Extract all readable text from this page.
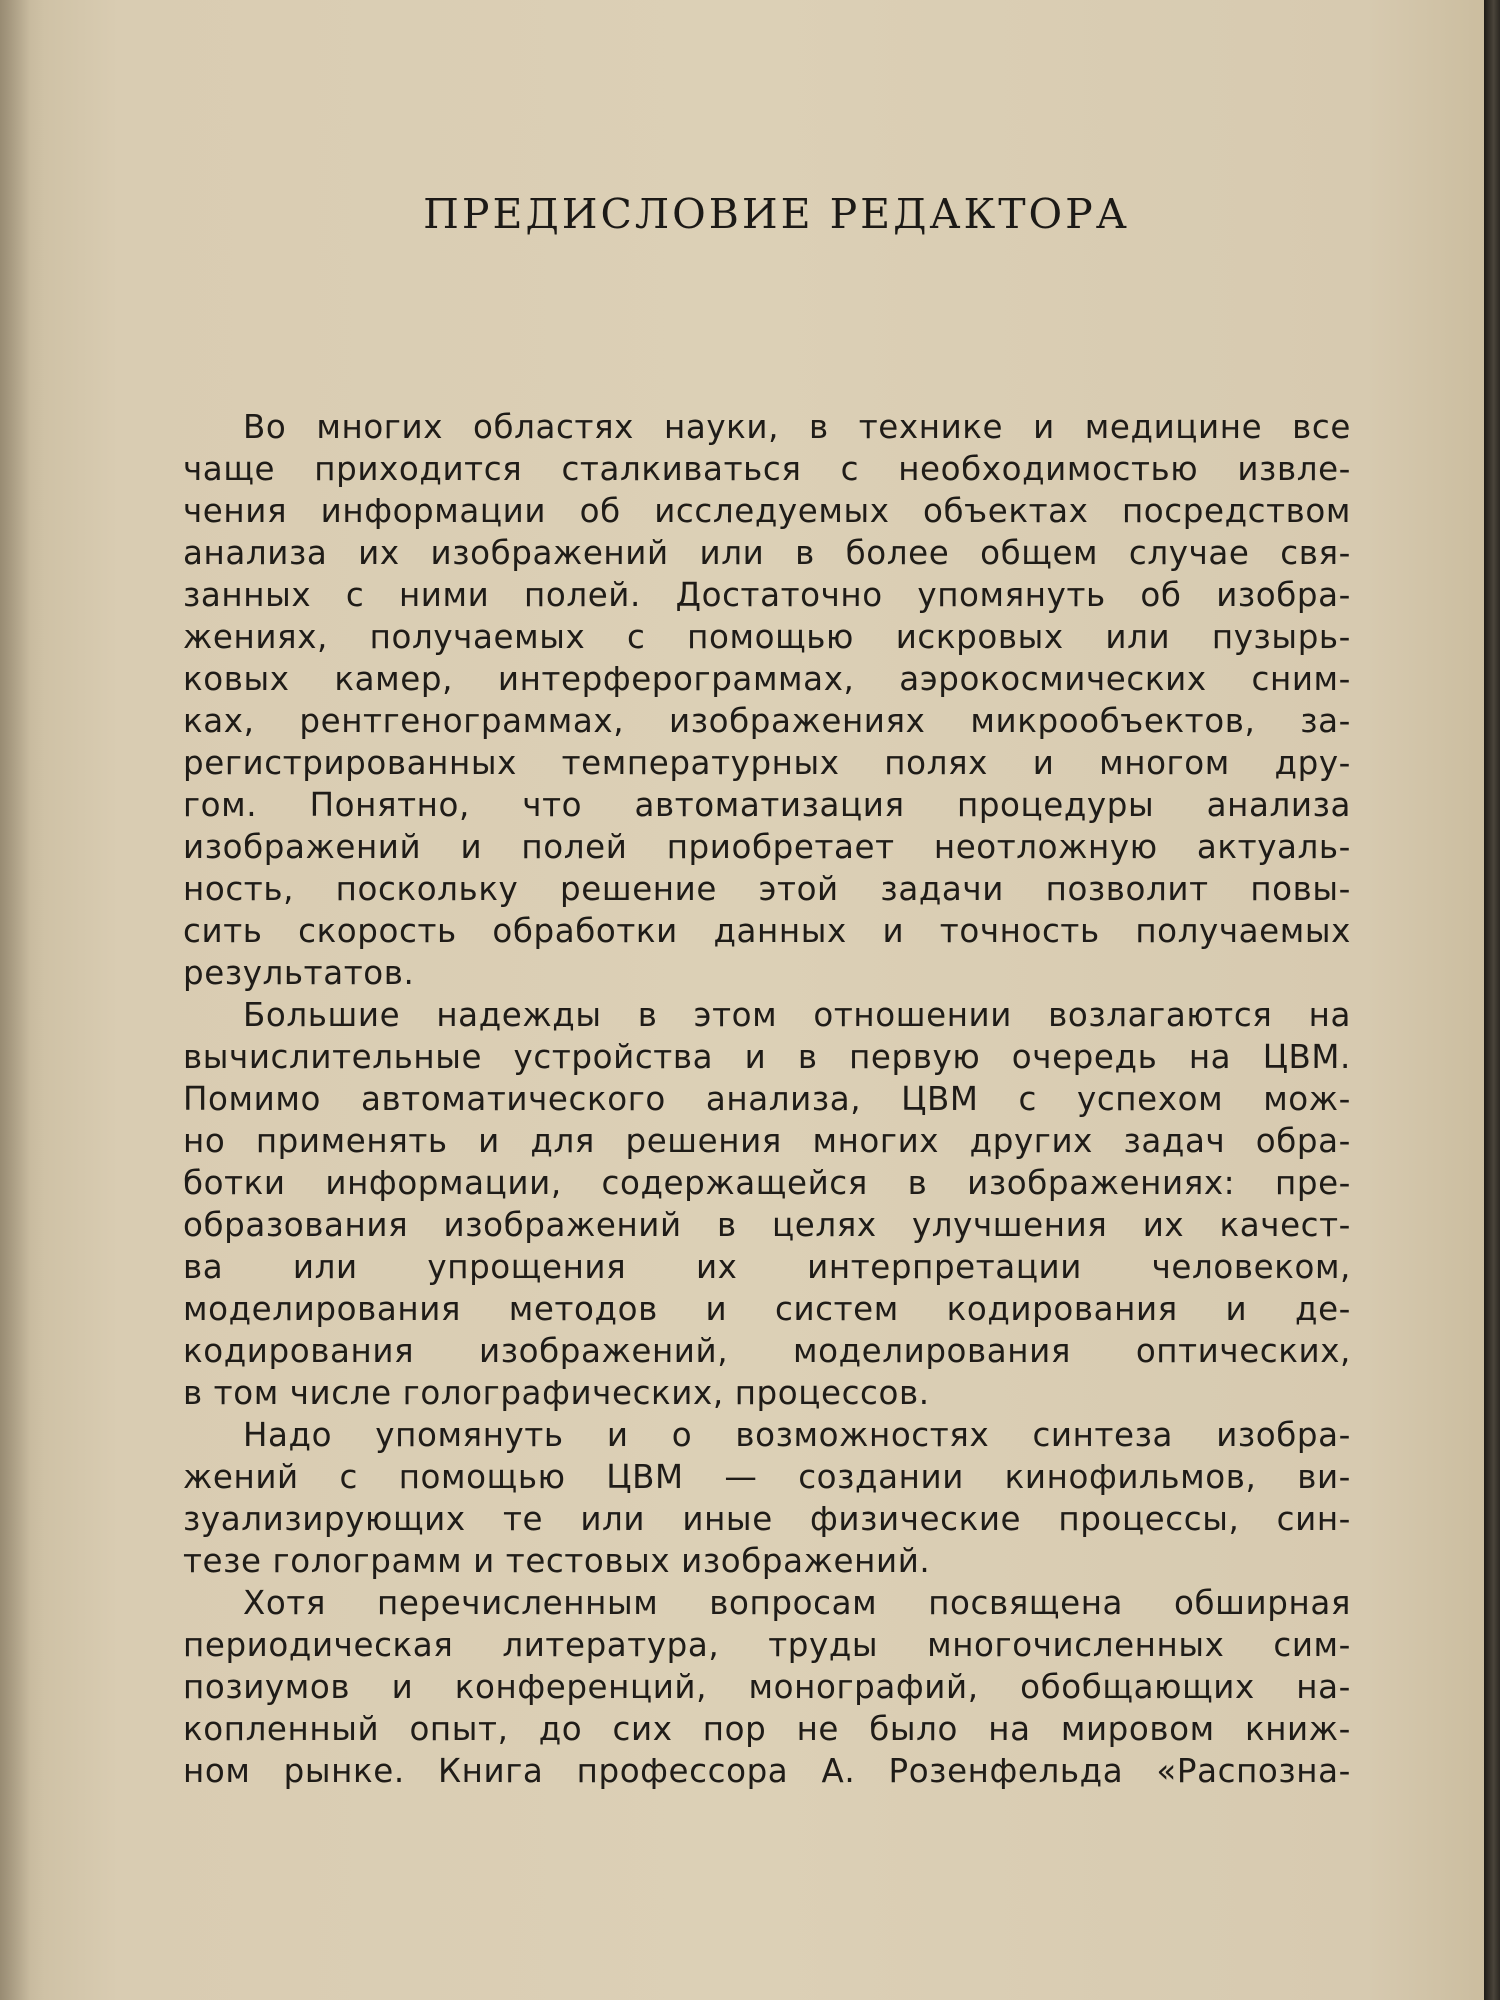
ПРЕДИСЛОВИЕ РЕДАКТОРА
Во многих областях науки, в технике и медицине все
чаще приходится сталкиваться с необходимостью извле-
чения информации об исследуемых объектах посредством
анализа их изображений или в более общем случае свя-
занных с ними полей. Достаточно упомянуть об изобра-
жениях, получаемых с помощью искровых или пузырь-
ковых камер, интерферограммах, аэрокосмических сним-
ках, рентгенограммах, изображениях микрообъектов, за-
регистрированных температурных полях и многом дру-
гом. Понятно, что автоматизация процедуры анализа
изображений и полей приобретает неотложную актуаль-
ность, поскольку решение этой задачи позволит повы-
сить скорость обработки данных и точность получаемых
результатов.
Большие надежды в этом отношении возлагаются на
вычислительные устройства и в первую очередь на ЦВМ.
Помимо автоматического анализа, ЦВМ с успехом мож-
но применять и для решения многих других задач обра-
ботки информации, содержащейся в изображениях: пре-
образования изображений в целях улучшения их качест-
ва или упрощения их интерпретации человеком,
моделирования методов и систем кодирования и де-
кодирования изображений, моделирования оптических,
в том числе голографических, процессов.
Надо упомянуть и о возможностях синтеза изобра-
жений с помощью ЦВМ — создании кинофильмов, ви-
зуализирующих те или иные физические процессы, син-
тезе голограмм и тестовых изображений.
Хотя перечисленным вопросам посвящена обширная
периодическая литература, труды многочисленных сим-
позиумов и конференций, монографий, обобщающих на-
копленный опыт, до сих пор не было на мировом книж-
ном рынке. Книга профессора А. Розенфельда «Распозна-
